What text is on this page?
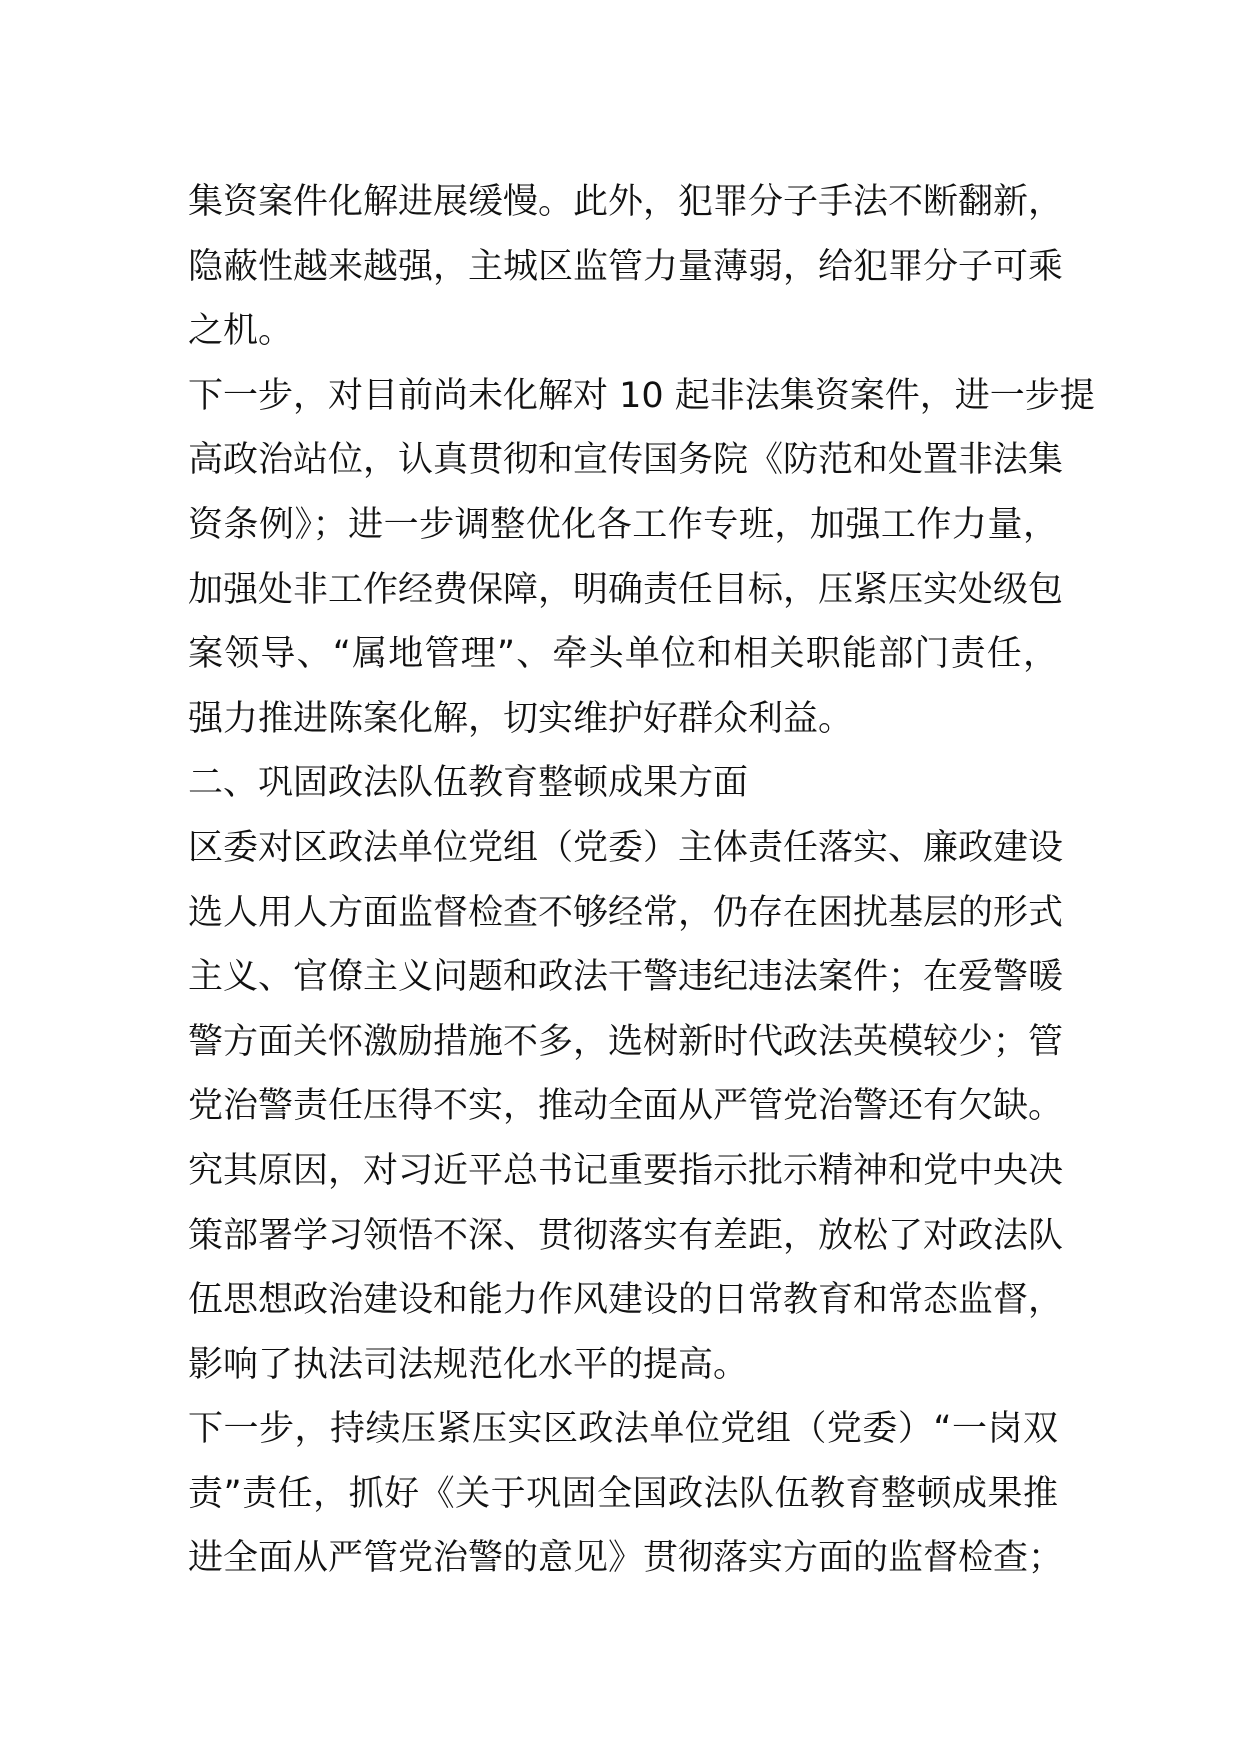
集资案件化解进展缓慢。此外，犯罪分子手法不断翻新，
隐蔽性越来越强，主城区监管力量薄弱，给犯罪分子可乘
之机。
下一步，对目前尚未化解对 10 起非法集资案件，进一步提
高政治站位，认真贯彻和宣传国务院《防范和处置非法集
资条例》；进一步调整优化各工作专班，加强工作力量，
加强处非工作经费保障，明确责任目标，压紧压实处级包
案领导、“属地管理”、牵头单位和相关职能部门责任，
强力推进陈案化解，切实维护好群众利益。
二、巩固政法队伍教育整顿成果方面
区委对区政法单位党组（党委）主体责任落实、廉政建设
选人用人方面监督检查不够经常，仍存在困扰基层的形式
主义、官僚主义问题和政法干警违纪违法案件；在爱警暖
警方面关怀激励措施不多，选树新时代政法英模较少；管
党治警责任压得不实，推动全面从严管党治警还有欠缺。
究其原因，对习近平总书记重要指示批示精神和党中央决
策部署学习领悟不深、贯彻落实有差距，放松了对政法队
伍思想政治建设和能力作风建设的日常教育和常态监督，
影响了执法司法规范化水平的提高。
下一步，持续压紧压实区政法单位党组（党委）“一岗双
责”责任，抓好《关于巩固全国政法队伍教育整顿成果推
进全面从严管党治警的意见》贯彻落实方面的监督检查；
